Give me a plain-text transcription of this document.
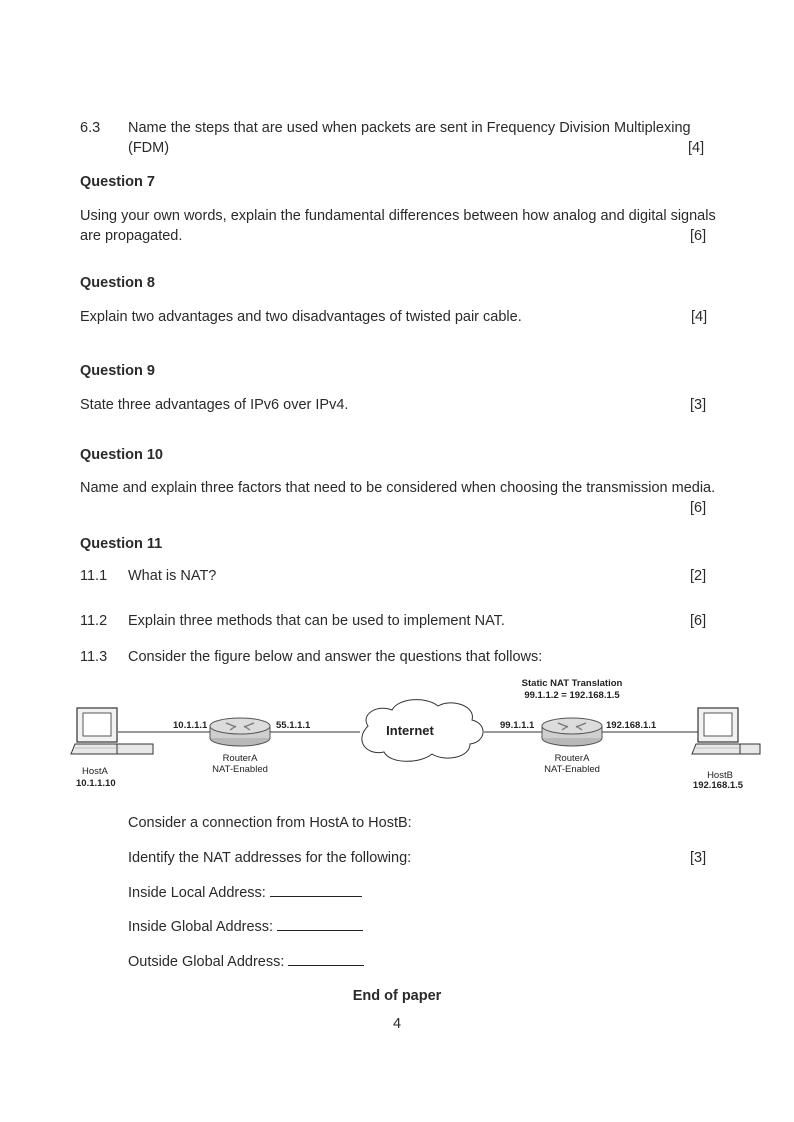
6.3 Name the steps that are used when packets are sent in Frequency Division Multiplexing (FDM)	[4]
Question 7
Using your own words, explain the fundamental differences between how analog and digital signals are propagated.	[6]
Question 8
Explain two advantages and two disadvantages of twisted pair cable.	[4]
Question 9
State three advantages of IPv6 over IPv4.	[3]
Question 10
Name and explain three factors that need to be considered when choosing the transmission media.
[6]
Question 11
11.1 What is NAT?	[2]
11.2 Explain three methods that can be used to implement NAT.	[6]
11.3 Consider the figure below and answer the questions that follows:
HostA
10.1.1.10
10.1.1.1	55.1.1.1
RouterA
NAT-Enabled
Internet
Static NAT Translation
99.1.1.2 = 192.168.1.5
99.1.1.1	192.168.1.1
RouterA
NAT-Enabled
HostB
192.168.1.5
Consider a connection from HostA to HostB:
Identify the NAT addresses for the following:	[3]
Inside Local Address:
Inside Global Address:
Outside Global Address:
End of paper
4
